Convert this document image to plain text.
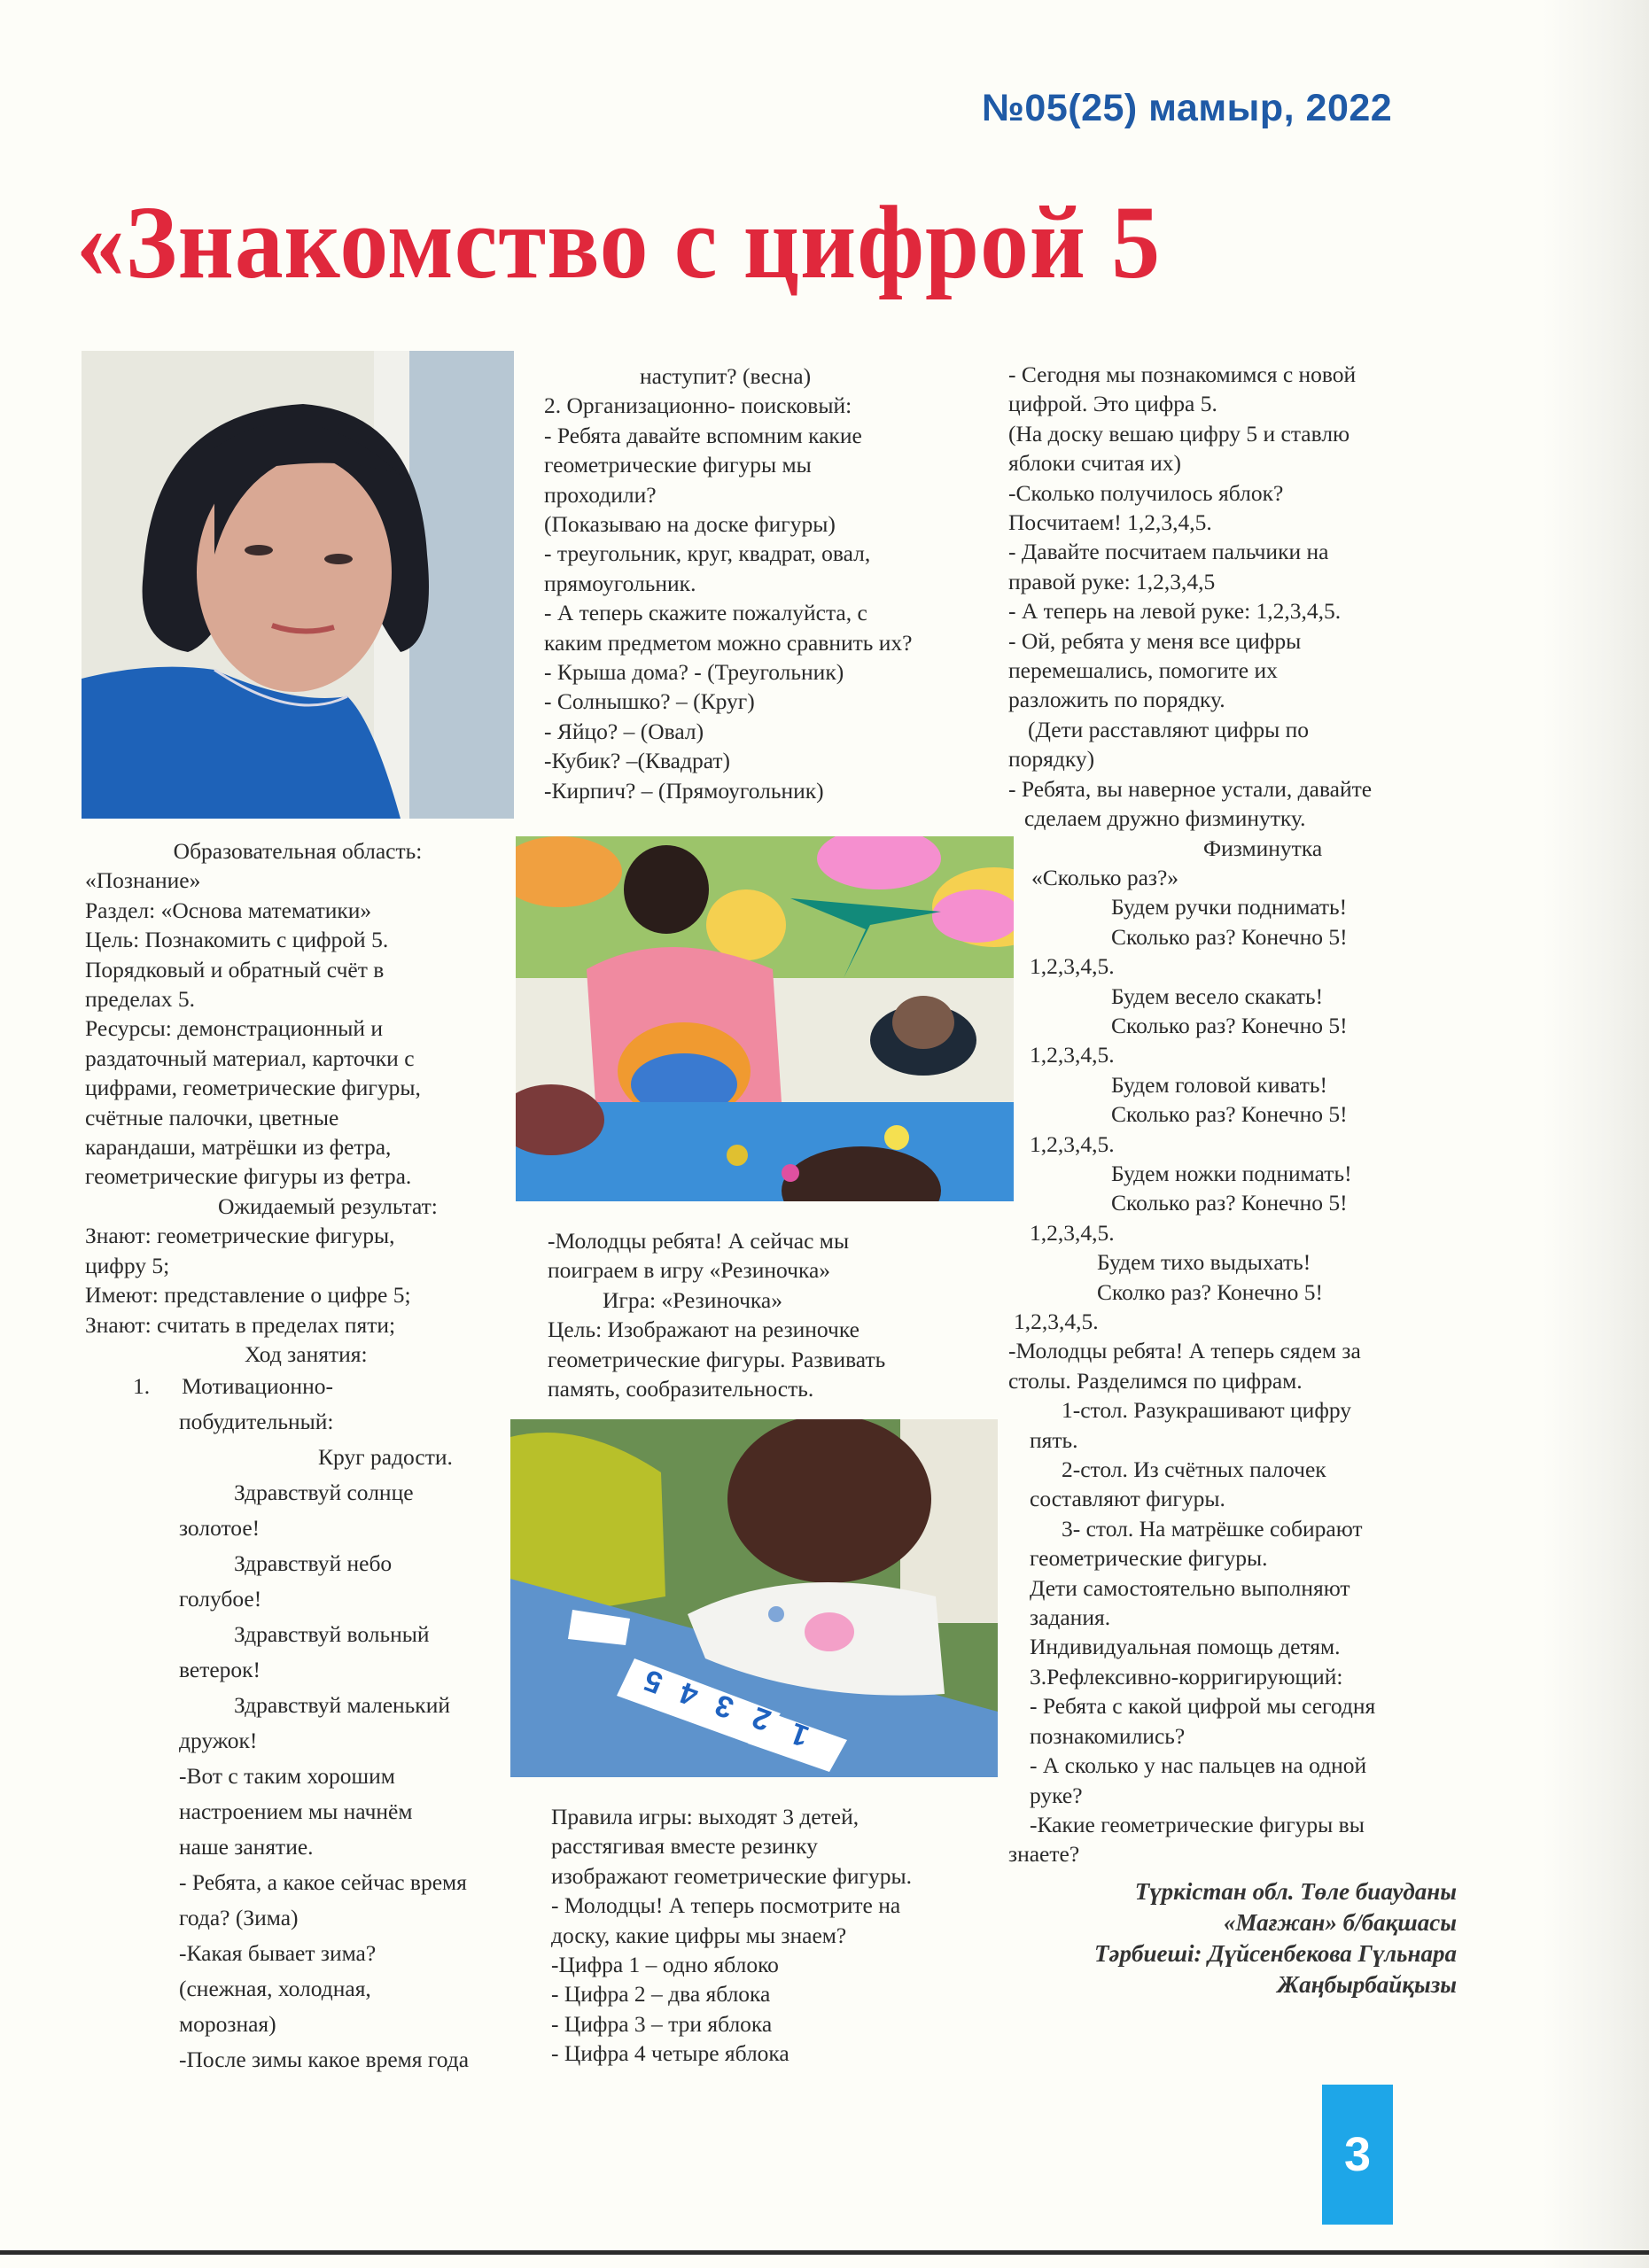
№05(25) мамыр, 2022
«Знакомство с цифрой 5

Образовательная область:

«Познание»

Раздел: «Основа математики»

Цель: Познакомить с цифрой 5.

Порядковый и обратный счёт в

пределах 5.

Ресурсы: демонстрационный и

раздаточный материал, карточки с

цифрами, геометрические фигуры,

счётные палочки, цветные

карандаши, матрёшки из фетра,

геометрические фигуры из фетра.

Ожидаемый результат:

Знают: геометрические фигуры,

цифру 5;

Имеют: представление о цифре 5;

Знают: считать в пределах пяти;

Ход занятия:

1. Мотивационно-

побудительный:

Круг радости.

Здравствуй солнце

золотое!

Здравствуй небо

голубое!

Здравствуй вольный

ветерок!

Здравствуй маленький

дружок!

-Вот с таким хорошим

настроением мы начнём

наше занятие.

- Ребята, а какое сейчас время

года? (Зима)

-Какая бывает зима?

(снежная, холодная,

морозная)

-После зимы какое время года

наступит? (весна)

2. Организационно- поисковый:

- Ребята давайте вспомним какие

геометрические фигуры мы

проходили?

(Показываю на доске фигуры)

- треугольник, круг, квадрат, овал,

прямоугольник.

- А теперь скажите пожалуйста, с

каким предметом можно сравнить их?

- Крыша дома? - (Треугольник)

- Солнышко? – (Круг)

- Яйцо? – (Овал)

-Кубик? –(Квадрат)

-Кирпич? – (Прямоугольник)

-Молодцы ребята! А сейчас мы

поиграем в игру «Резиночка»

Игра: «Резиночка»

Цель: Изображают на резиночке

геометрические фигуры. Развивать

память, сообразительность.

5 4 3 2 1

Правила игры: выходят 3 детей,

расстягивая вместе резинку

изображают геометрические фигуры.

- Молодцы! А теперь посмотрите на

доску, какие цифры мы знаем?

-Цифра 1 – одно яблоко

- Цифра 2 – два яблока

- Цифра 3 – три яблока

- Цифра 4 четыре яблока

- Сегодня мы познакомимся с новой

цифрой. Это цифра 5.

(На доску вешаю цифру 5 и ставлю

яблоки считая их)

-Сколько получилось яблок?

Посчитаем! 1,2,3,4,5.

- Давайте посчитаем пальчики на

правой руке: 1,2,3,4,5

- А теперь на левой руке: 1,2,3,4,5.

- Ой, ребята у меня все цифры

перемешались, помогите их

разложить по порядку.

(Дети расставляют цифры по

порядку)

- Ребята, вы наверное устали, давайте

сделаем дружно физминутку.

Физминутка

«Сколько раз?»

Будем ручки поднимать!

Сколько раз? Конечно 5!

1,2,3,4,5.

Будем весело скакать!

Сколько раз? Конечно 5!

1,2,3,4,5.

Будем головой кивать!

Сколько раз? Конечно 5!

1,2,3,4,5.

Будем ножки поднимать!

Сколько раз? Конечно 5!

1,2,3,4,5.

Будем тихо выдыхать!

Сколко раз? Конечно 5!

1,2,3,4,5.

-Молодцы ребята! А теперь сядем за

столы. Разделимся по цифрам.

1-стол. Разукрашивают цифру

пять.

2-стол. Из счётных палочек

составляют фигуры.

3- стол. На матрёшке собирают

геометрические фигуры.

Дети самостоятельно выполняют

задания.

Индивидуальная помощь детям.

3.Рефлексивно-корригирующий:

- Ребята с какой цифрой мы сегодня

познакомились?

- А сколько у нас пальцев на одной

руке?

-Какие геометрические фигуры вы

знаете?

Түркістан обл. Төле биауданы

«Мағжан» б/бақшасы

Тәрбиеші: Дүйсенбекова Гүльнара

Жаңбырбайқызы

3
